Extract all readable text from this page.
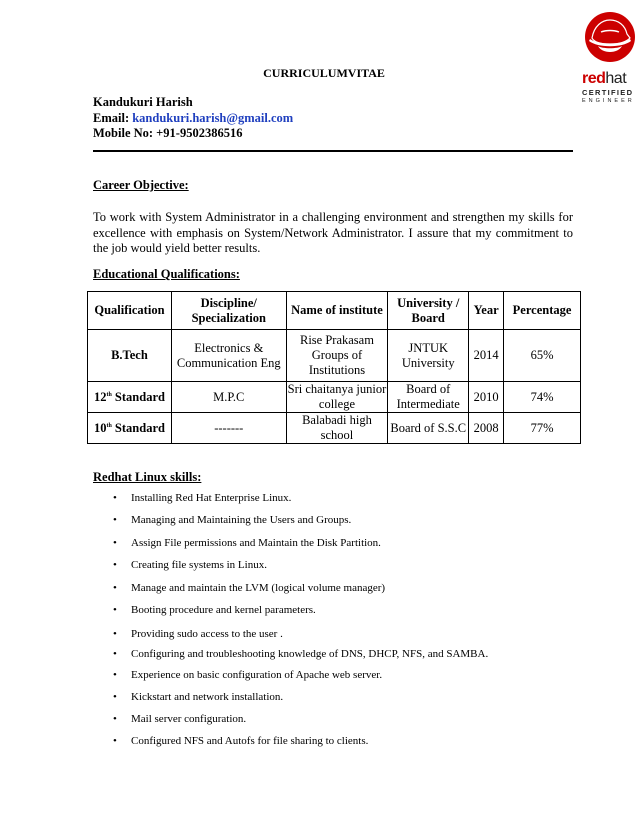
redhat
CERTIFIED
ENGINEER
CURRICULUMVITAE
Kandukuri Harish
Email: kandukuri.harish@gmail.com
Mobile No: +91-9502386516
Career Objective:
To work with System Administrator in a challenging environment and strengthen my skills for excellence with emphasis on System/Network Administrator. I assure that my commitment to the job would yield better results.
Educational Qualifications:
Qualification	Discipline/ Specialization	Name of institute	University / Board	Year	Percentage
B.Tech	Electronics & Communication Eng	Rise Prakasam Groups of Institutions	JNTUK University	2014	65%
12th Standard	M.P.C	Sri chaitanya junior college	Board of Intermediate	2010	74%
10th Standard	-------	Balabadi high school	Board of S.S.C	2008	77%
Redhat Linux skills:
• Installing Red Hat Enterprise Linux.
• Managing and Maintaining the Users and Groups.
• Assign File permissions and Maintain the Disk Partition.
• Creating file systems in Linux.
• Manage and maintain the LVM (logical volume manager)
• Booting procedure and kernel parameters.
• Providing sudo access to the user .
• Configuring and troubleshooting knowledge of DNS, DHCP, NFS, and SAMBA.
• Experience on basic configuration of Apache web server.
• Kickstart and network installation.
• Mail server configuration.
• Configured NFS and Autofs for file sharing to clients.
